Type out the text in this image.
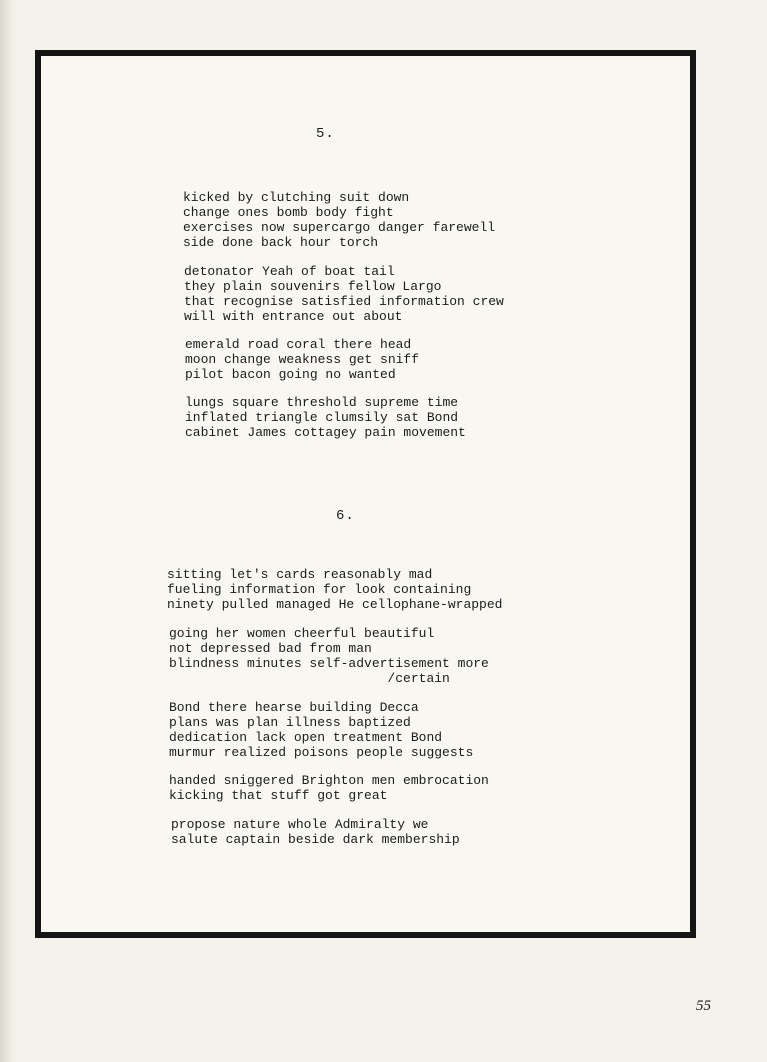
5.
kicked by clutching suit down
change ones bomb body fight
exercises now supercargo danger farewell
side done back hour torch
detonator Yeah of boat tail
they plain souvenirs fellow Largo
that recognise satisfied information crew
will with entrance out about
emerald road coral there head
moon change weakness get sniff
pilot bacon going no wanted
lungs square threshold supreme time
inflated triangle clumsily sat Bond
cabinet James cottagey pain movement
6.
sitting let's cards reasonably mad
fueling information for look containing
ninety pulled managed He cellophane-wrapped
going her women cheerful beautiful
not depressed bad from man
blindness minutes self-advertisement more
/certain
Bond there hearse building Decca
plans was plan illness baptized
dedication lack open treatment Bond
murmur realized poisons people suggests
handed sniggered Brighton men embrocation
kicking that stuff got great
propose nature whole Admiralty we
salute captain beside dark membership
55
